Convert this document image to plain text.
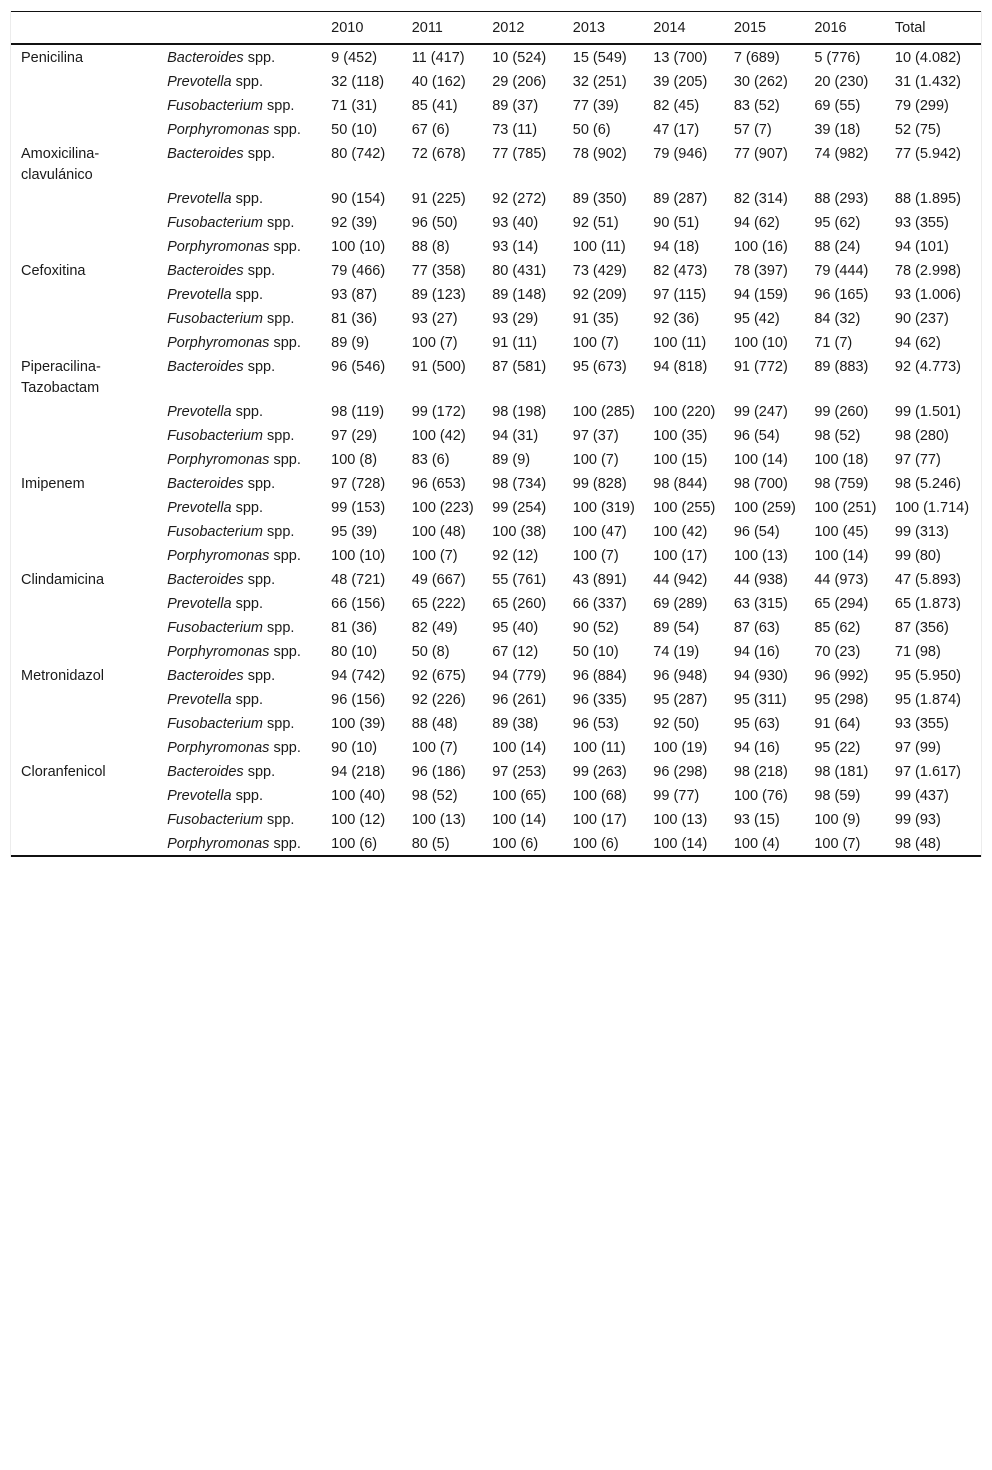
		2010	2011	2012	2013	2014	2015	2016	Total
Penicilina	Bacteroides spp.	9 (452)	11 (417)	10 (524)	15 (549)	13 (700)	7 (689)	5 (776)	10 (4.082)
	Prevotella spp.	32 (118)	40 (162)	29 (206)	32 (251)	39 (205)	30 (262)	20 (230)	31 (1.432)
	Fusobacterium spp.	71 (31)	85 (41)	89 (37)	77 (39)	82 (45)	83 (52)	69 (55)	79 (299)
	Porphyromonas spp.	50 (10)	67 (6)	73 (11)	50 (6)	47 (17)	57 (7)	39 (18)	52 (75)
Amoxicilina-clavulánico	Bacteroides spp.	80 (742)	72 (678)	77 (785)	78 (902)	79 (946)	77 (907)	74 (982)	77 (5.942)
	Prevotella spp.	90 (154)	91 (225)	92 (272)	89 (350)	89 (287)	82 (314)	88 (293)	88 (1.895)
	Fusobacterium spp.	92 (39)	96 (50)	93 (40)	92 (51)	90 (51)	94 (62)	95 (62)	93 (355)
	Porphyromonas spp.	100 (10)	88 (8)	93 (14)	100 (11)	94 (18)	100 (16)	88 (24)	94 (101)
Cefoxitina	Bacteroides spp.	79 (466)	77 (358)	80 (431)	73 (429)	82 (473)	78 (397)	79 (444)	78 (2.998)
	Prevotella spp.	93 (87)	89 (123)	89 (148)	92 (209)	97 (115)	94 (159)	96 (165)	93 (1.006)
	Fusobacterium spp.	81 (36)	93 (27)	93 (29)	91 (35)	92 (36)	95 (42)	84 (32)	90 (237)
	Porphyromonas spp.	89 (9)	100 (7)	91 (11)	100 (7)	100 (11)	100 (10)	71 (7)	94 (62)
Piperacilina-Tazobactam	Bacteroides spp.	96 (546)	91 (500)	87 (581)	95 (673)	94 (818)	91 (772)	89 (883)	92 (4.773)
	Prevotella spp.	98 (119)	99 (172)	98 (198)	100 (285)	100 (220)	99 (247)	99 (260)	99 (1.501)
	Fusobacterium spp.	97 (29)	100 (42)	94 (31)	97 (37)	100 (35)	96 (54)	98 (52)	98 (280)
	Porphyromonas spp.	100 (8)	83 (6)	89 (9)	100 (7)	100 (15)	100 (14)	100 (18)	97 (77)
Imipenem	Bacteroides spp.	97 (728)	96 (653)	98 (734)	99 (828)	98 (844)	98 (700)	98 (759)	98 (5.246)
	Prevotella spp.	99 (153)	100 (223)	99 (254)	100 (319)	100 (255)	100 (259)	100 (251)	100 (1.714)
	Fusobacterium spp.	95 (39)	100 (48)	100 (38)	100 (47)	100 (42)	96 (54)	100 (45)	99 (313)
	Porphyromonas spp.	100 (10)	100 (7)	92 (12)	100 (7)	100 (17)	100 (13)	100 (14)	99 (80)
Clindamicina	Bacteroides spp.	48 (721)	49 (667)	55 (761)	43 (891)	44 (942)	44 (938)	44 (973)	47 (5.893)
	Prevotella spp.	66 (156)	65 (222)	65 (260)	66 (337)	69 (289)	63 (315)	65 (294)	65 (1.873)
	Fusobacterium spp.	81 (36)	82 (49)	95 (40)	90 (52)	89 (54)	87 (63)	85 (62)	87 (356)
	Porphyromonas spp.	80 (10)	50 (8)	67 (12)	50 (10)	74 (19)	94 (16)	70 (23)	71 (98)
Metronidazol	Bacteroides spp.	94 (742)	92 (675)	94 (779)	96 (884)	96 (948)	94 (930)	96 (992)	95 (5.950)
	Prevotella spp.	96 (156)	92 (226)	96 (261)	96 (335)	95 (287)	95 (311)	95 (298)	95 (1.874)
	Fusobacterium spp.	100 (39)	88 (48)	89 (38)	96 (53)	92 (50)	95 (63)	91 (64)	93 (355)
	Porphyromonas spp.	90 (10)	100 (7)	100 (14)	100 (11)	100 (19)	94 (16)	95 (22)	97 (99)
Cloranfenicol	Bacteroides spp.	94 (218)	96 (186)	97 (253)	99 (263)	96 (298)	98 (218)	98 (181)	97 (1.617)
	Prevotella spp.	100 (40)	98 (52)	100 (65)	100 (68)	99 (77)	100 (76)	98 (59)	99 (437)
	Fusobacterium spp.	100 (12)	100 (13)	100 (14)	100 (17)	100 (13)	93 (15)	100 (9)	99 (93)
	Porphyromonas spp.	100 (6)	80 (5)	100 (6)	100 (6)	100 (14)	100 (4)	100 (7)	98 (48)
